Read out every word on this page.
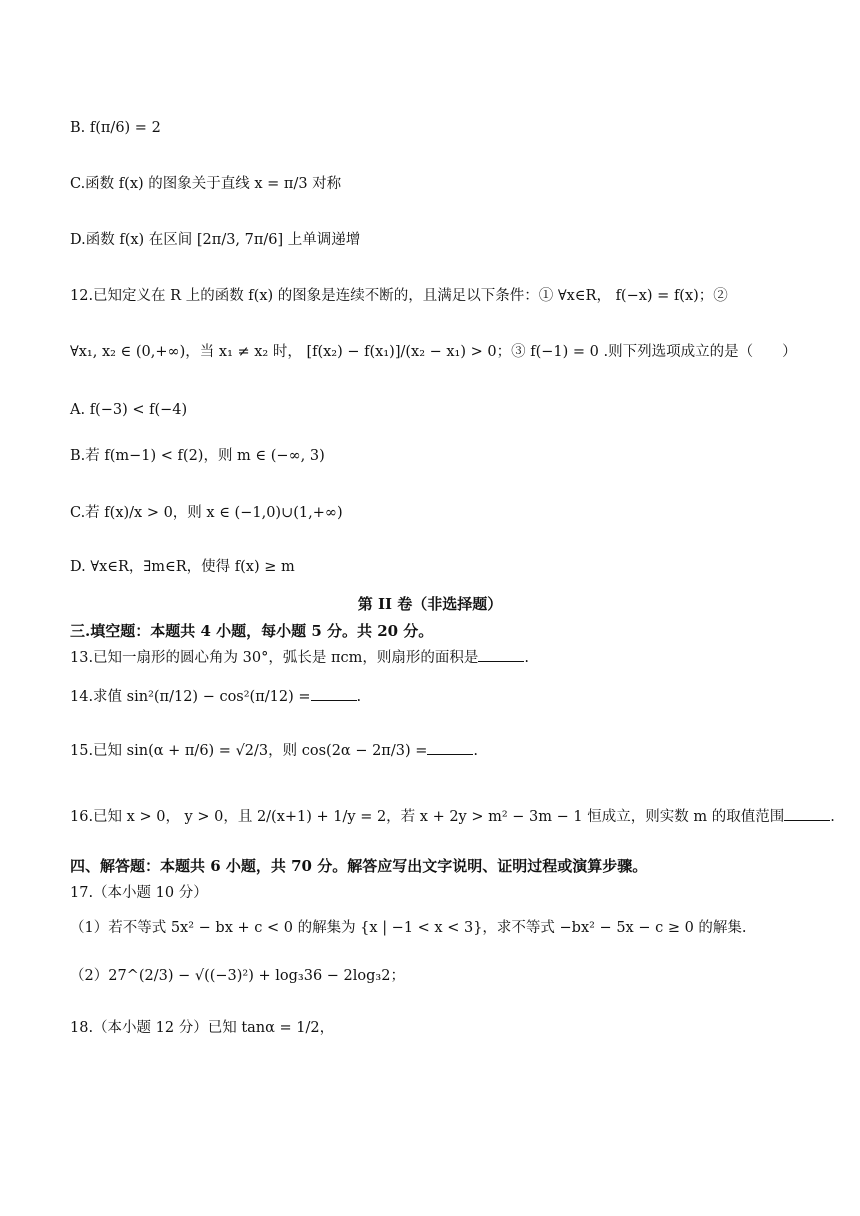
B. f(π/6) = 2
C.函数 f(x) 的图象关于直线 x = π/3 对称
D.函数 f(x) 在区间 [2π/3, 7π/6] 上单调递增
12.已知定义在 R 上的函数 f(x) 的图象是连续不断的，且满足以下条件：① ∀x∈R， f(−x) = f(x)；②
∀x₁, x₂ ∈ (0,+∞)，当 x₁ ≠ x₂ 时， [f(x₂) − f(x₁)]/(x₂ − x₁) > 0；③ f(−1) = 0 .则下列选项成立的是（　　）
A. f(−3) < f(−4)
B.若 f(m−1) < f(2)，则 m ∈ (−∞, 3)
C.若 f(x)/x > 0，则 x ∈ (−1,0)∪(1,+∞)
D. ∀x∈R，∃m∈R，使得 f(x) ≥ m
第 II 卷（非选择题）
三.填空题：本题共 4 小题，每小题 5 分。共 20 分。
13.已知一扇形的圆心角为 30°，弧长是 πcm，则扇形的面积是	.
14.求值 sin²(π/12) − cos²(π/12) =	.
15.已知 sin(α + π/6) = √2/3，则 cos(2α − 2π/3) =	.
16.已知 x > 0， y > 0，且 2/(x+1) + 1/y = 2，若 x + 2y > m² − 3m − 1 恒成立，则实数 m 的取值范围	.
四、解答题：本题共 6 小题，共 70 分。解答应写出文字说明、证明过程或演算步骤。
17.（本小题 10 分）
（1）若不等式 5x² − bx + c < 0 的解集为 {x | −1 < x < 3}，求不等式 −bx² − 5x − c ≥ 0 的解集.
（2）27^(2/3) − √((−3)²) + log₃36 − 2log₃2；
18.（本小题 12 分）已知 tanα = 1/2，
